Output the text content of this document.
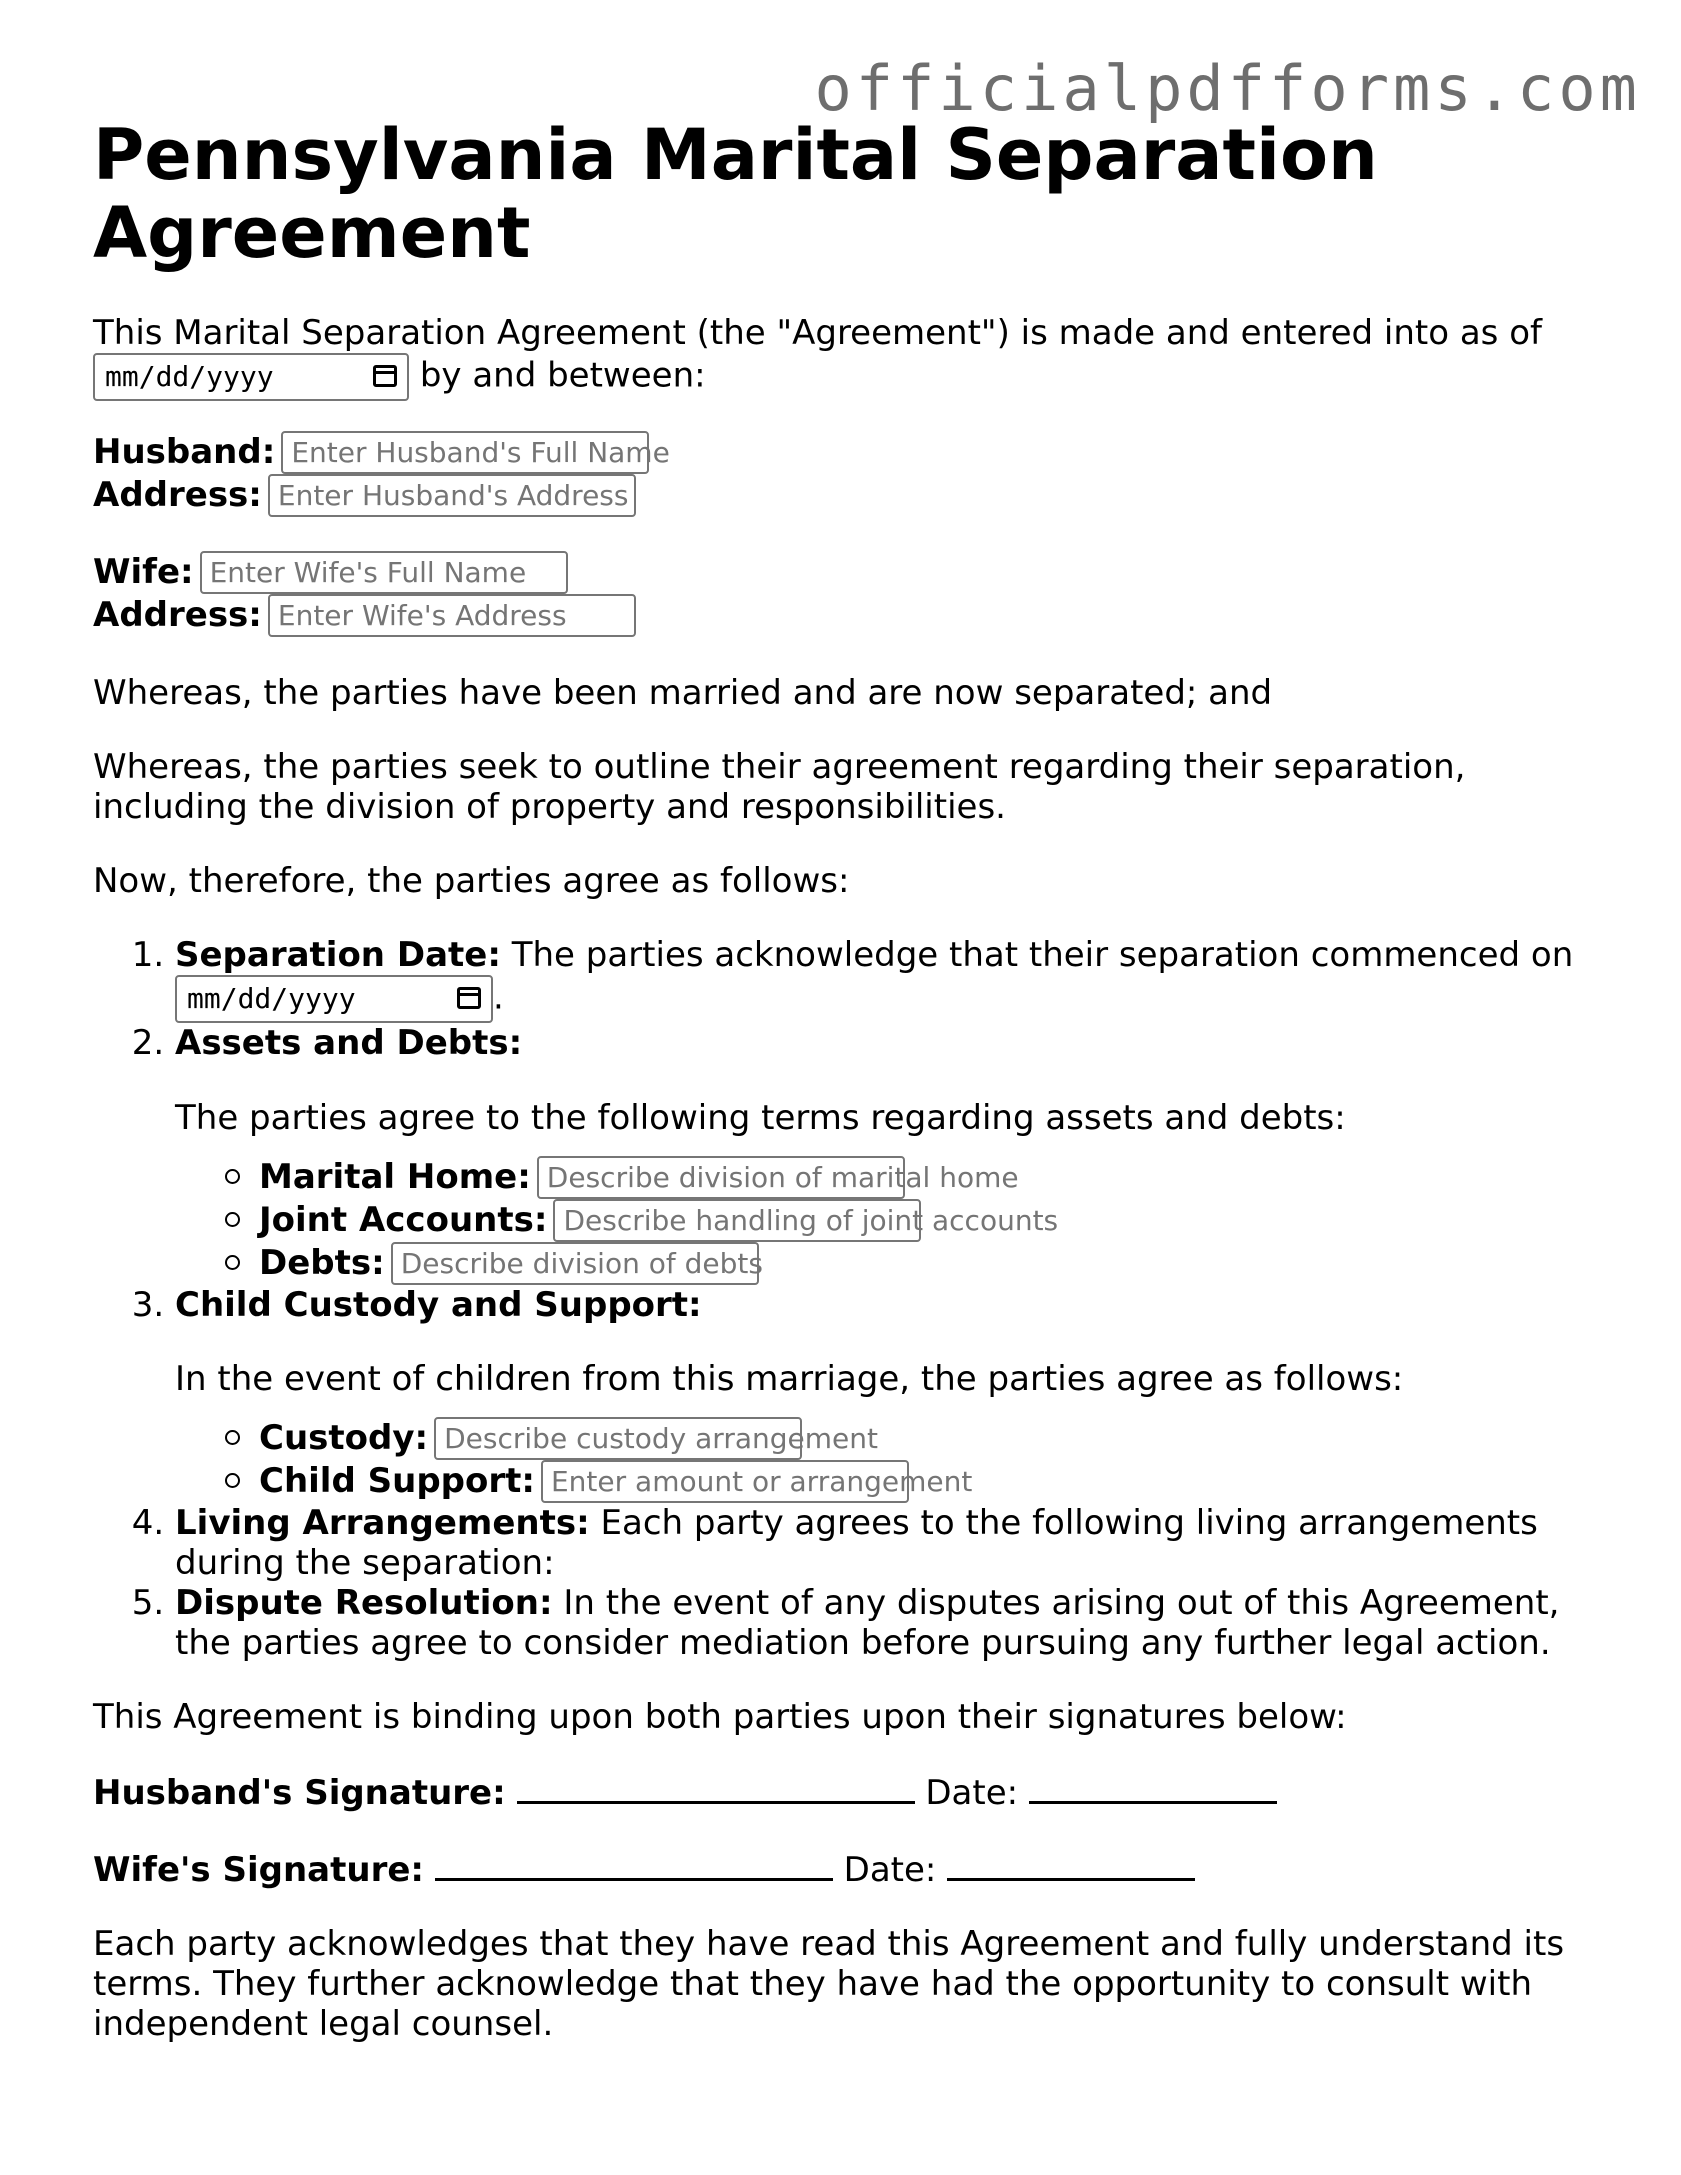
officialpdfforms.com
Pennsylvania Marital Separation Agreement

This Marital Separation Agreement (the "Agreement") is made and entered into as of
mm/dd/yyyy	by and between:

Husband: Enter Husband's Full Name
Address: Enter Husband's Address
Wife: Enter Wife's Full Name
Address: Enter Wife's Address

Whereas, the parties have been married and are now separated; and

Whereas, the parties seek to outline their agreement regarding their separation, including the division of property and responsibilities.

Now, therefore, the parties agree as follows:

1. Separation Date: The parties acknowledge that their separation commenced on
mm/dd/yyyy	.
2. Assets and Debts:

The parties agree to the following terms regarding assets and debts:

Marital Home: Describe division of marital home
Joint Accounts: Describe handling of joint accounts
Debts: Describe division of debts
3. Child Custody and Support:

In the event of children from this marriage, the parties agree as follows:

Custody: Describe custody arrangement
Child Support: Enter amount or arrangement
4. Living Arrangements: Each party agrees to the following living arrangements during the separation:
5. Dispute Resolution: In the event of any disputes arising out of this Agreement, the parties agree to consider mediation before pursuing any further legal action.

This Agreement is binding upon both parties upon their signatures below:

Husband's Signature:	Date:

Wife's Signature:	Date:

Each party acknowledges that they have read this Agreement and fully understand its terms. They further acknowledge that they have had the opportunity to consult with independent legal counsel.
